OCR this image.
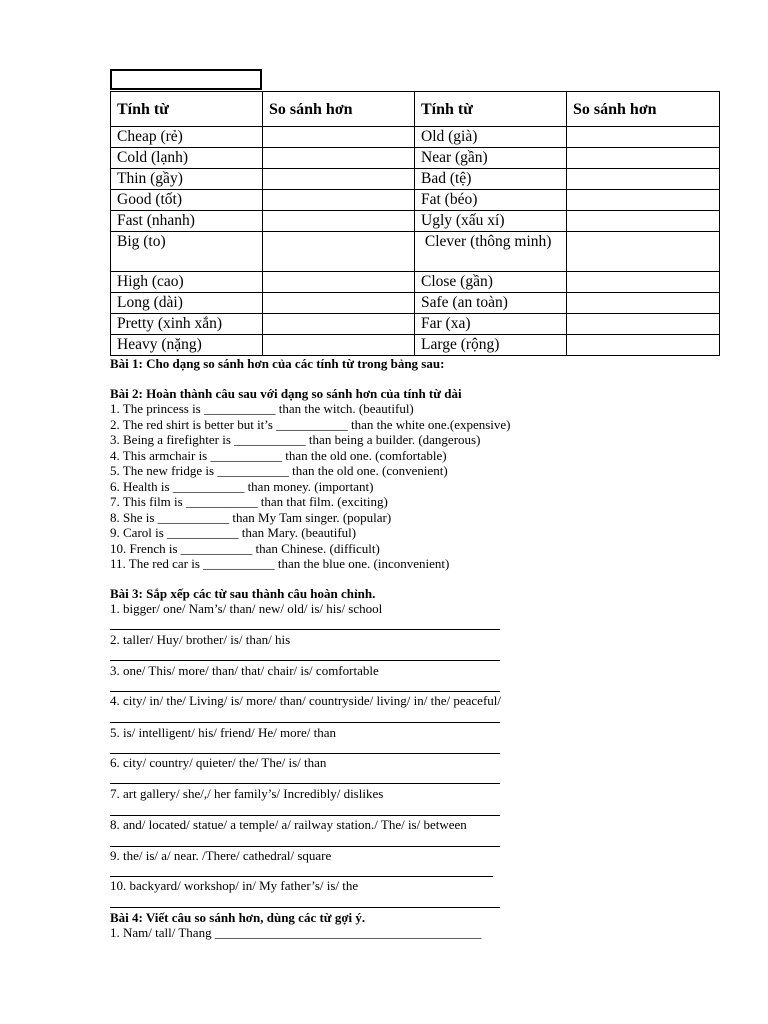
Tính từ	So sánh hơn	Tính từ	So sánh hơn
Cheap (rẻ)		Old (già)	
Cold (lạnh)		Near (gần)	
Thin (gầy)		Bad (tệ)	
Good (tốt)		Fat (béo)	
Fast (nhanh)		Ugly (xấu xí)	
Big (to)		Clever (thông minh)	
High (cao)		Close (gần)	
Long (dài)		Safe (an toàn)	
Pretty (xinh xắn)		Far (xa)	
Heavy (nặng)		Large (rộng)	
Bài 1: Cho dạng so sánh hơn của các tính từ trong bảng sau:
Bài 2: Hoàn thành câu sau với dạng so sánh hơn của tính từ dài
1. The princess is ___________ than the witch. (beautiful)
2. The red shirt is better but it’s ___________ than the white one.(expensive)
3. Being a firefighter is ___________ than being a builder. (dangerous)
4. This armchair is ___________ than the old one. (comfortable)
5. The new fridge is ___________ than the old one. (convenient)
6. Health is ___________ than money. (important)
7. This film is ___________ than that film. (exciting)
8. She is ___________ than My Tam singer. (popular)
9. Carol is ___________ than Mary. (beautiful)
10. French is ___________ than Chinese. (difficult)
11. The red car is ___________ than the blue one. (inconvenient)
Bài 3: Sắp xếp các từ sau thành câu hoàn chỉnh.
1. bigger/ one/ Nam’s/ than/ new/ old/ is/ his/ school
2. taller/ Huy/ brother/ is/ than/ his
3. one/ This/ more/ than/ that/ chair/ is/ comfortable
4. city/ in/ the/ Living/ is/ more/ than/ countryside/ living/ in/ the/ peaceful/
5. is/ intelligent/ his/ friend/ He/ more/ than
6. city/ country/ quieter/ the/ The/ is/ than
7. art gallery/ she/,/ her family’s/ Incredibly/ dislikes
8. and/ located/ statue/ a temple/ a/ railway station./ The/ is/ between
9. the/ is/ a/ near. /There/ cathedral/ square
10. backyard/ workshop/ in/ My father’s/ is/ the
Bài 4: Viết câu so sánh hơn, dùng các từ gợi ý.
1. Nam/ tall/ Thang _________________________________________
